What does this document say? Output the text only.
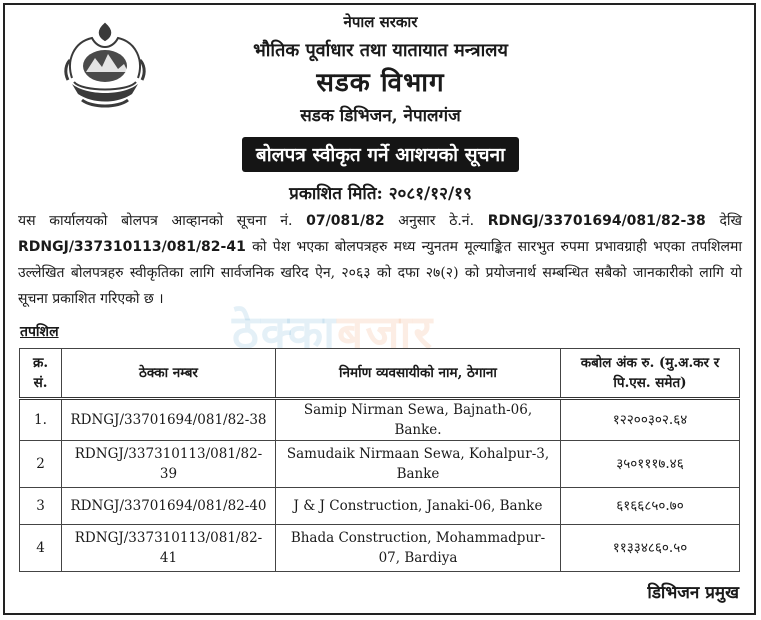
नेपाल सरकार
भौतिक पूर्वाधार तथा यातायात मन्त्रालय
सडक विभाग
सडक डिभिजन, नेपालगंज
बोलपत्र स्वीकृत गर्ने आशयको सूचना
प्रकाशित मिति: २०८१/१२/१९
यस कार्यालयको बोलपत्र आव्हानको सूचना नं. 07/081/82 अनुसार ठे.नं. RDNGJ/33701694/081/82-38 देखि RDNGJ/337310113/081/82-41 को पेश भएका बोलपत्रहरु मध्य न्युनतम मूल्याङ्कित सारभुत रुपमा प्रभावग्राही भएका तपशिलमा उल्लेखित बोलपत्रहरु स्वीकृतिका लागि सार्वजनिक खरिद ऐन, २०६३ को दफा २७(२) को प्रयोजनार्थ सम्बन्धित सबैको जानकारीको लागि यो सूचना प्रकाशित गरिएको छ ।
ठेक्काबजार
तपशिल
क्र. सं.	ठेक्का नम्बर	निर्माण व्यवसायीको नाम, ठेगाना	कबोल अंक रु. (मु.अ.कर र पि.एस. समेत)
1.	RDNGJ/33701694/081/82-38	Samip Nirman Sewa, Bajnath-06, Banke.	१२२००३०२.६४
2	RDNGJ/337310113/081/82-39	Samudaik Nirmaan Sewa, Kohalpur-3, Banke	३५०१११७.४६
3	RDNGJ/33701694/081/82-40	J & J Construction, Janaki-06, Banke	६१६६८५०.७०
4	RDNGJ/337310113/081/82-41	Bhada Construction, Mohammadpur-07, Bardiya	११३३४८६०.५०
डिभिजन प्रमुख
